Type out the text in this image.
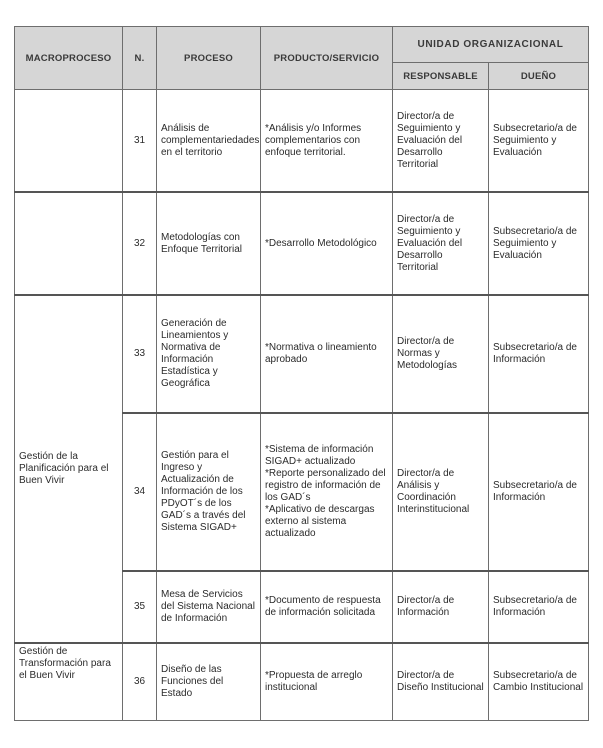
MACROPROCESO	N.	PROCESO	PRODUCTO/SERVICIO	UNIDAD ORGANIZACIONAL	
				RESPONSABLE	DUEÑO
	31	Análisis de complementariedades en el territorio	*Análisis y/o Informes complementarios con enfoque territorial.	Director/a de Seguimiento y Evaluación del Desarrollo Territorial	Subsecretario/a de Seguimiento y Evaluación

	32	Metodologías con Enfoque Territorial	*Desarrollo Metodológico	Director/a de Seguimiento y Evaluación del Desarrollo Territorial	Subsecretario/a de Seguimiento y Evaluación

Gestión de la Planificación para el Buen Vivir	33	Generación de Lineamientos y Normativa de Información Estadística y Geográfica	*Normativa o lineamiento aprobado	Director/a de Normas y Metodologías	Subsecretario/a de Información

	34	Gestión para el Ingreso y Actualización de Información de los PDyOT´s de los GAD´s a través del Sistema SIGAD+	*Sistema de información SIGAD+ actualizado
*Reporte personalizado del registro de información de los GAD´s
*Aplicativo de descargas externo al sistema actualizado	Director/a de Análisis y Coordinación Interinstitucional	Subsecretario/a de Información

	35	Mesa de Servicios del Sistema Nacional de Información	*Documento de respuesta de información solicitada	Director/a de Información	Subsecretario/a de Información

Gestión de Transformación para el Buen Vivir	36	Diseño de las Funciones del Estado	*Propuesta de arreglo institucional	Director/a de Diseño Institucional	Subsecretario/a de Cambio Institucional
